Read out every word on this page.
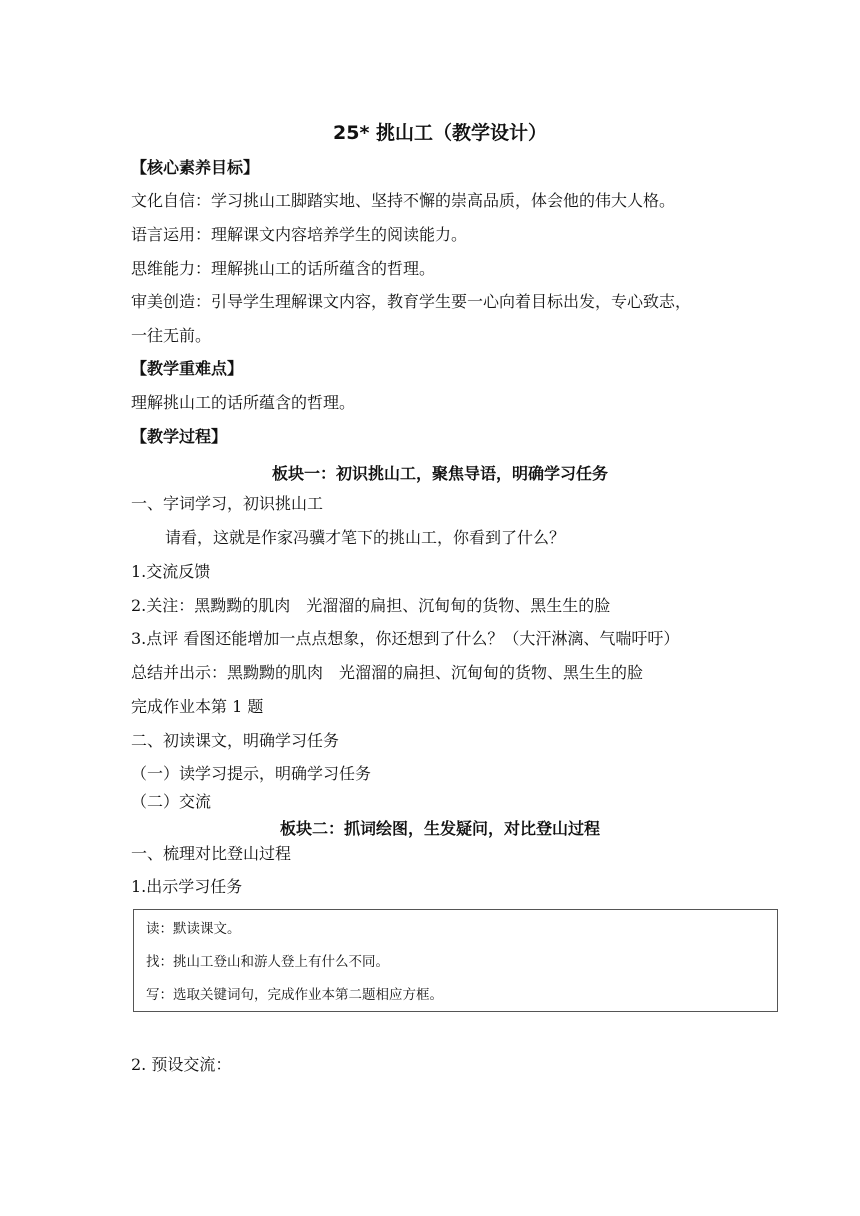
25* 挑山工（教学设计）
【核心素养目标】
文化自信：学习挑山工脚踏实地、坚持不懈的崇高品质，体会他的伟大人格。
语言运用：理解课文内容培养学生的阅读能力。
思维能力：理解挑山工的话所蕴含的哲理。
审美创造：引导学生理解课文内容，教育学生要一心向着目标出发，专心致志，
一往无前。
【教学重难点】
理解挑山工的话所蕴含的哲理。
【教学过程】
板块一：初识挑山工，聚焦导语，明确学习任务
一、字词学习，初识挑山工
请看，这就是作家冯骥才笔下的挑山工，你看到了什么？
1.交流反馈
2.关注：黑黝黝的肌肉　光溜溜的扁担、沉甸甸的货物、黑生生的脸
3.点评 看图还能增加一点点想象，你还想到了什么？（大汗淋漓、气喘吁吁）
总结并出示：黑黝黝的肌肉　光溜溜的扁担、沉甸甸的货物、黑生生的脸
完成作业本第 1 题
二、初读课文，明确学习任务
（一）读学习提示，明确学习任务
（二）交流
板块二：抓词绘图，生发疑问，对比登山过程
一、梳理对比登山过程
1.出示学习任务
读：默读课文。
找：挑山工登山和游人登上有什么不同。
写：选取关键词句，完成作业本第二题相应方框。
2. 预设交流：
